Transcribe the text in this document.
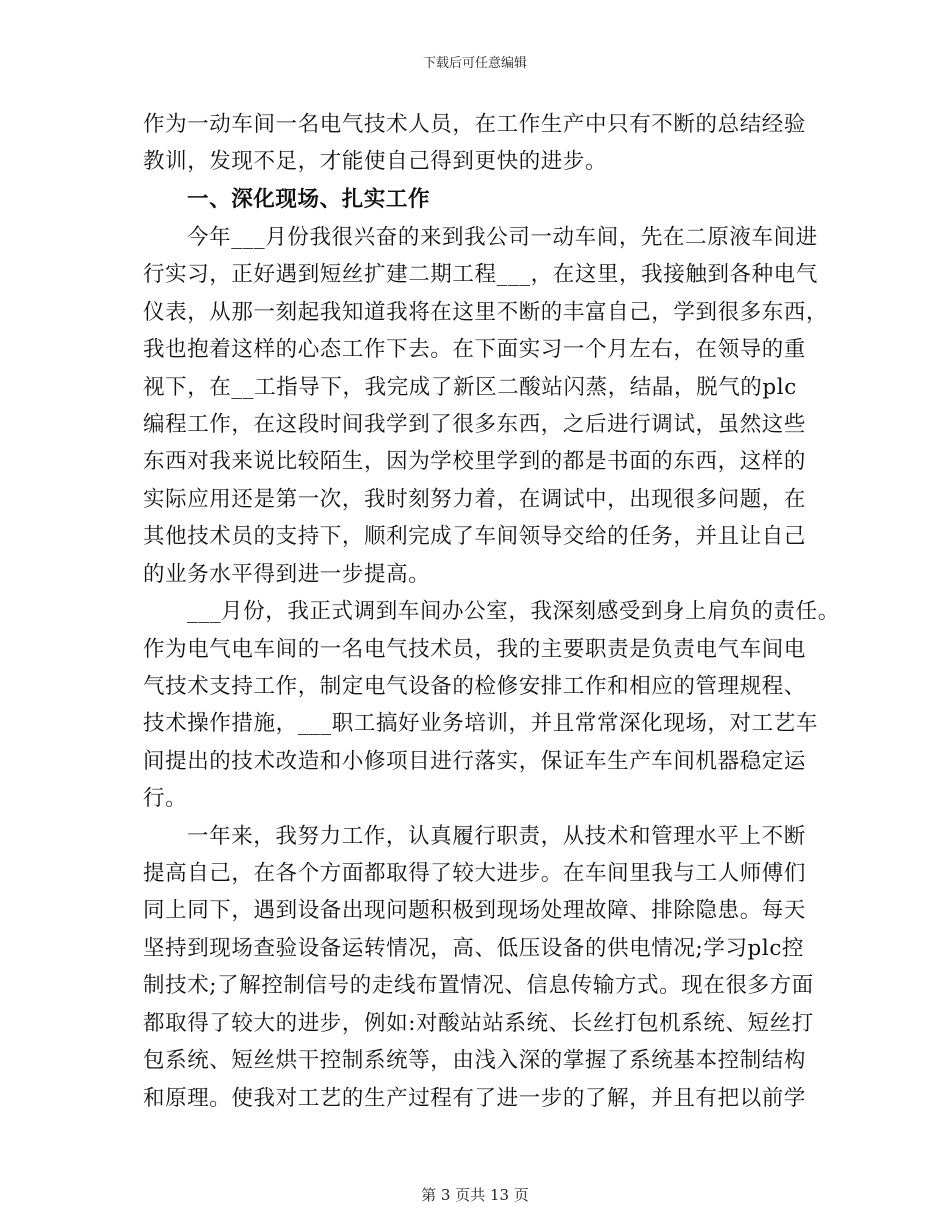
下载后可任意编辑
作为一动车间一名电气技术人员，在工作生产中只有不断的总结经验
教训，发现不足，才能使自己得到更快的进步。
一、深化现场、扎实工作
今年___月份我很兴奋的来到我公司一动车间，先在二原液车间进
行实习，正好遇到短丝扩建二期工程___，在这里，我接触到各种电气
仪表，从那一刻起我知道我将在这里不断的丰富自己，学到很多东西，
我也抱着这样的心态工作下去。在下面实习一个月左右，在领导的重
视下，在__工指导下，我完成了新区二酸站闪蒸，结晶，脱气的plc
编程工作，在这段时间我学到了很多东西，之后进行调试，虽然这些
东西对我来说比较陌生，因为学校里学到的都是书面的东西，这样的
实际应用还是第一次，我时刻努力着，在调试中，出现很多问题，在
其他技术员的支持下，顺利完成了车间领导交给的任务，并且让自己
的业务水平得到进一步提高。
___月份，我正式调到车间办公室，我深刻感受到身上肩负的责任。
作为电气电车间的一名电气技术员，我的主要职责是负责电气车间电
气技术支持工作，制定电气设备的检修安排工作和相应的管理规程、
技术操作措施，___职工搞好业务培训，并且常常深化现场，对工艺车
间提出的技术改造和小修项目进行落实，保证车生产车间机器稳定运
行。
一年来，我努力工作，认真履行职责，从技术和管理水平上不断
提高自己，在各个方面都取得了较大进步。在车间里我与工人师傅们
同上同下，遇到设备出现问题积极到现场处理故障、排除隐患。每天
坚持到现场查验设备运转情况，高、低压设备的供电情况;学习plc控
制技术;了解控制信号的走线布置情况、信息传输方式。现在很多方面
都取得了较大的进步，例如:对酸站站系统、长丝打包机系统、短丝打
包系统、短丝烘干控制系统等，由浅入深的掌握了系统基本控制结构
和原理。使我对工艺的生产过程有了进一步的了解，并且有把以前学
第 3 页共 13 页
